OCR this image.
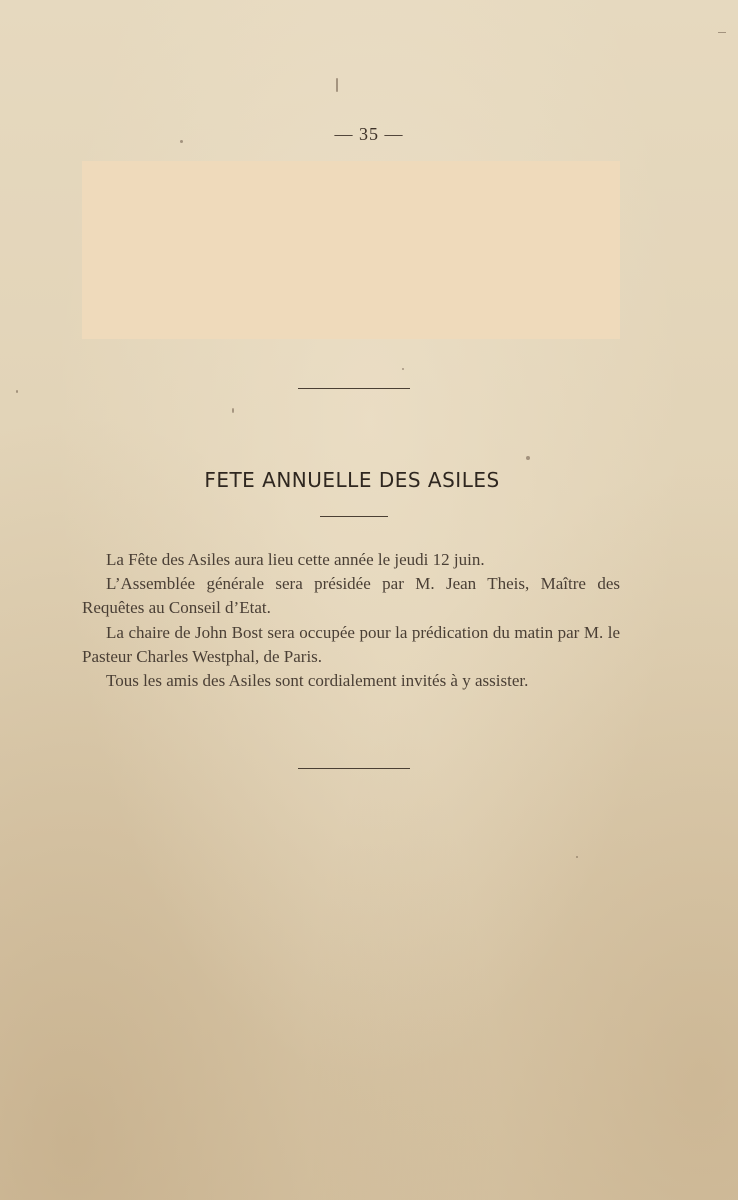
— 35 —
FETE ANNUELLE DES ASILES

La Fête des Asiles aura lieu cette année le jeudi 12 juin.

L’Assemblée générale sera présidée par M. Jean Theis, Maître des Requêtes au Conseil d’Etat.

La chaire de John Bost sera occupée pour la prédication du matin par M. le Pasteur Charles Westphal, de Paris.

Tous les amis des Asiles sont cordialement invités à y assister.
